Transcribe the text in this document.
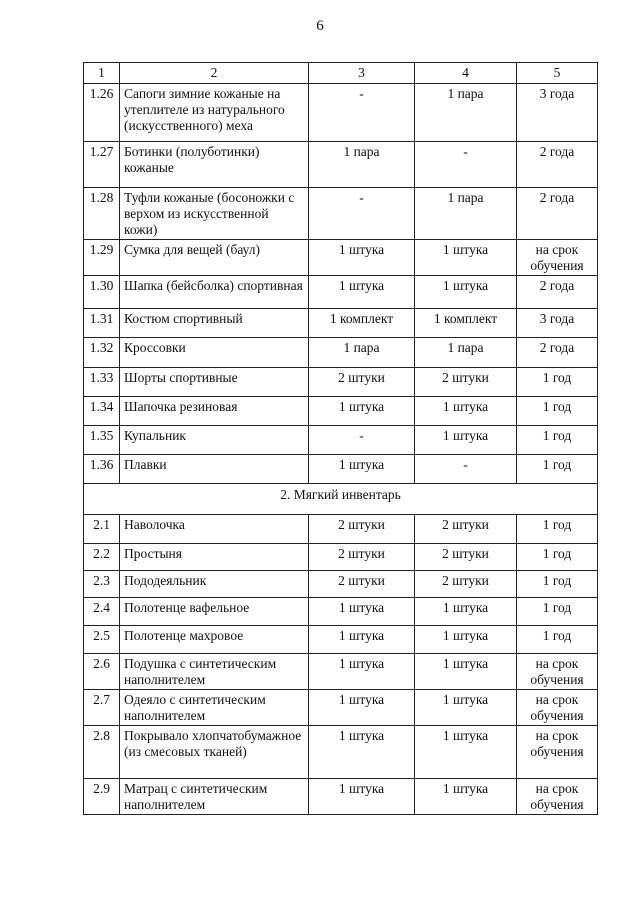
6
1	2	3	4	5
1.26	Сапоги зимние кожаные на утеплителе из натурального (искусственного) меха	-	1 пара	3 года
1.27	Ботинки (полуботинки) кожаные	1 пара	-	2 года
1.28	Туфли кожаные (босоножки с верхом из искусственной кожи)	-	1 пара	2 года
1.29	Сумка для вещей (баул)	1 штука	1 штука	на срок обучения
1.30	Шапка (бейсболка) спортивная	1 штука	1 штука	2 года
1.31	Костюм спортивный	1 комплект	1 комплект	3 года
1.32	Кроссовки	1 пара	1 пара	2 года
1.33	Шорты спортивные	2 штуки	2 штуки	1 год
1.34	Шапочка резиновая	1 штука	1 штука	1 год
1.35	Купальник	-	1 штука	1 год
1.36	Плавки	1 штука	-	1 год
2. Мягкий инвентарь				
2.1	Наволочка	2 штуки	2 штуки	1 год
2.2	Простыня	2 штуки	2 штуки	1 год
2.3	Пододеяльник	2 штуки	2 штуки	1 год
2.4	Полотенце вафельное	1 штука	1 штука	1 год
2.5	Полотенце махровое	1 штука	1 штука	1 год
2.6	Подушка с синтетическим наполнителем	1 штука	1 штука	на срок обучения
2.7	Одеяло с синтетическим наполнителем	1 штука	1 штука	на срок обучения
2.8	Покрывало хлопчатобумажное (из смесовых тканей)	1 штука	1 штука	на срок обучения
2.9	Матрац с синтетическим наполнителем	1 штука	1 штука	на срок обучения
